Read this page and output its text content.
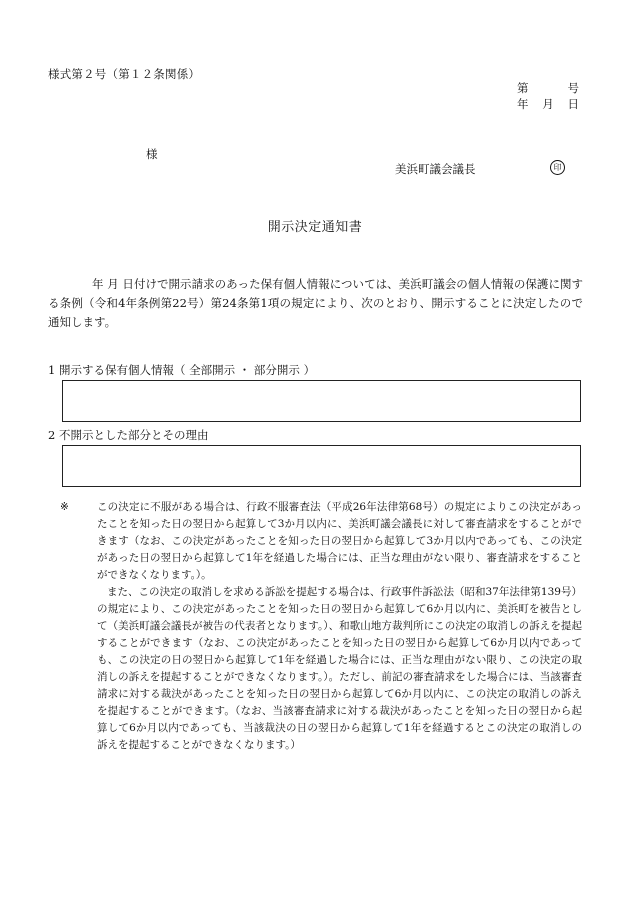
様式第２号（第１２条関係）
第	号
年 月 日
様
美浜町議会議長	印
開示決定通知書
年 月 日付けで開示請求のあった保有個人情報については、美浜町議会の個人情報の保護に関する条例（令和4年条例第22号）第24条第1項の規定により、次のとおり、開示することに決定したので通知します。
1 開示する保有個人情報（ 全部開示 ・ 部分開示 ）
2 不開示とした部分とその理由
※	この決定に不服がある場合は、行政不服審査法（平成26年法律第68号）の規定によりこの決定があったことを知った日の翌日から起算して3か月以内に、美浜町議会議長に対して審査請求をすることができます（なお、この決定があったことを知った日の翌日から起算して3か月以内であっても、この決定があった日の翌日から起算して1年を経過した場合には、正当な理由がない限り、審査請求をすることができなくなります。）。
また、この決定の取消しを求める訴訟を提起する場合は、行政事件訴訟法（昭和37年法律第139号）の規定により、この決定があったことを知った日の翌日から起算して6か月以内に、美浜町を被告として（美浜町議会議長が被告の代表者となります。）、和歌山地方裁判所にこの決定の取消しの訴えを提起することができます（なお、この決定があったことを知った日の翌日から起算して6か月以内であっても、この決定の日の翌日から起算して1年を経過した場合には、正当な理由がない限り、この決定の取消しの訴えを提起することができなくなります。）。ただし、前記の審査請求をした場合には、当該審査請求に対する裁決があったことを知った日の翌日から起算して6か月以内に、この決定の取消しの訴えを提起することができます。（なお、当該審査請求に対する裁決があったことを知った日の翌日から起算して6か月以内であっても、当該裁決の日の翌日から起算して1年を経過するとこの決定の取消しの訴えを提起することができなくなります。）
